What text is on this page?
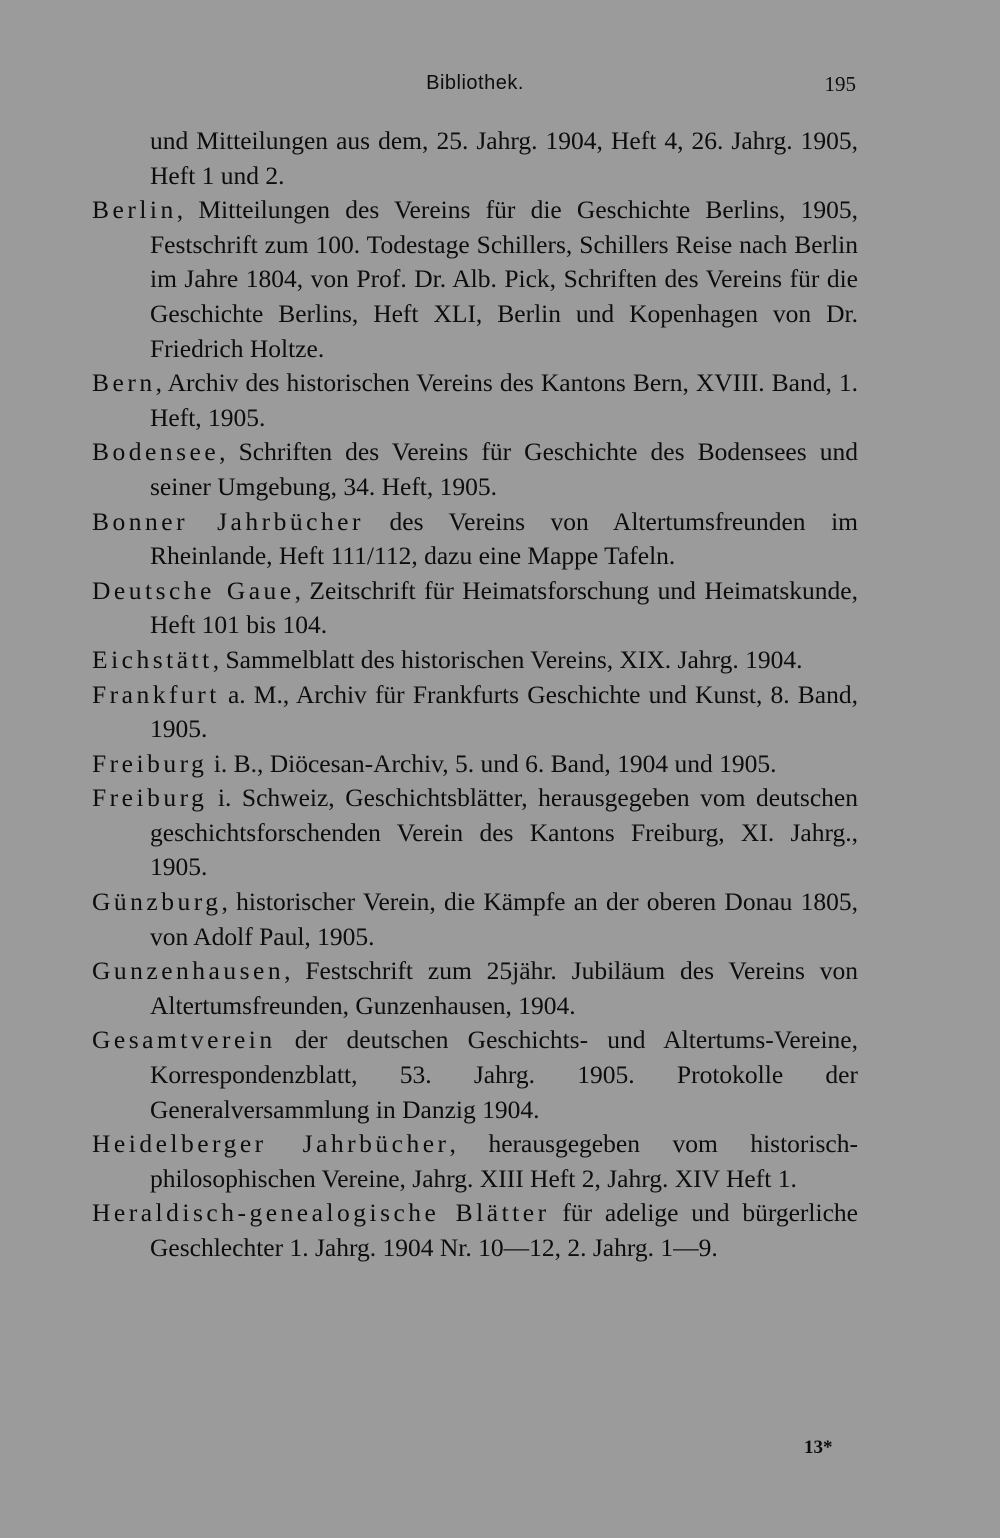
Bibliothek.	195

und Mitteilungen aus dem, 25. Jahrg. 1904, Heft 4, 26. Jahrg. 1905, Heft 1 und 2.

Berlin, Mitteilungen des Vereins für die Geschichte Berlins, 1905, Festschrift zum 100. Todestage Schillers, Schillers Reise nach Berlin im Jahre 1804, von Prof. Dr. Alb. Pick, Schriften des Vereins für die Geschichte Berlins, Heft XLI, Berlin und Kopenhagen von Dr. Friedrich Holtze.

Bern, Archiv des historischen Vereins des Kantons Bern, XVIII. Band, 1. Heft, 1905.

Bodensee, Schriften des Vereins für Geschichte des Bodensees und seiner Umgebung, 34. Heft, 1905.

Bonner Jahrbücher des Vereins von Altertumsfreunden im Rheinlande, Heft 111/112, dazu eine Mappe Tafeln.

Deutsche Gaue, Zeitschrift für Heimatsforschung und Heimatskunde, Heft 101 bis 104.

Eichstätt, Sammelblatt des historischen Vereins, XIX. Jahrg. 1904.

Frankfurt a. M., Archiv für Frankfurts Geschichte und Kunst, 8. Band, 1905.

Freiburg i. B., Diöcesan-Archiv, 5. und 6. Band, 1904 und 1905.

Freiburg i. Schweiz, Geschichtsblätter, herausgegeben vom deutschen geschichtsforschenden Verein des Kantons Freiburg, XI. Jahrg., 1905.

Günzburg, historischer Verein, die Kämpfe an der oberen Donau 1805, von Adolf Paul, 1905.

Gunzenhausen, Festschrift zum 25jähr. Jubiläum des Vereins von Altertumsfreunden, Gunzenhausen, 1904.

Gesamtverein der deutschen Geschichts- und Altertums-Vereine, Korrespondenzblatt, 53. Jahrg. 1905. Protokolle der Generalversammlung in Danzig 1904.

Heidelberger Jahrbücher, herausgegeben vom historisch-philosophischen Vereine, Jahrg. XIII Heft 2, Jahrg. XIV Heft 1.

Heraldisch-genealogische Blätter für adelige und bürgerliche Geschlechter 1. Jahrg. 1904 Nr. 10—12, 2. Jahrg. 1—9.

13*
